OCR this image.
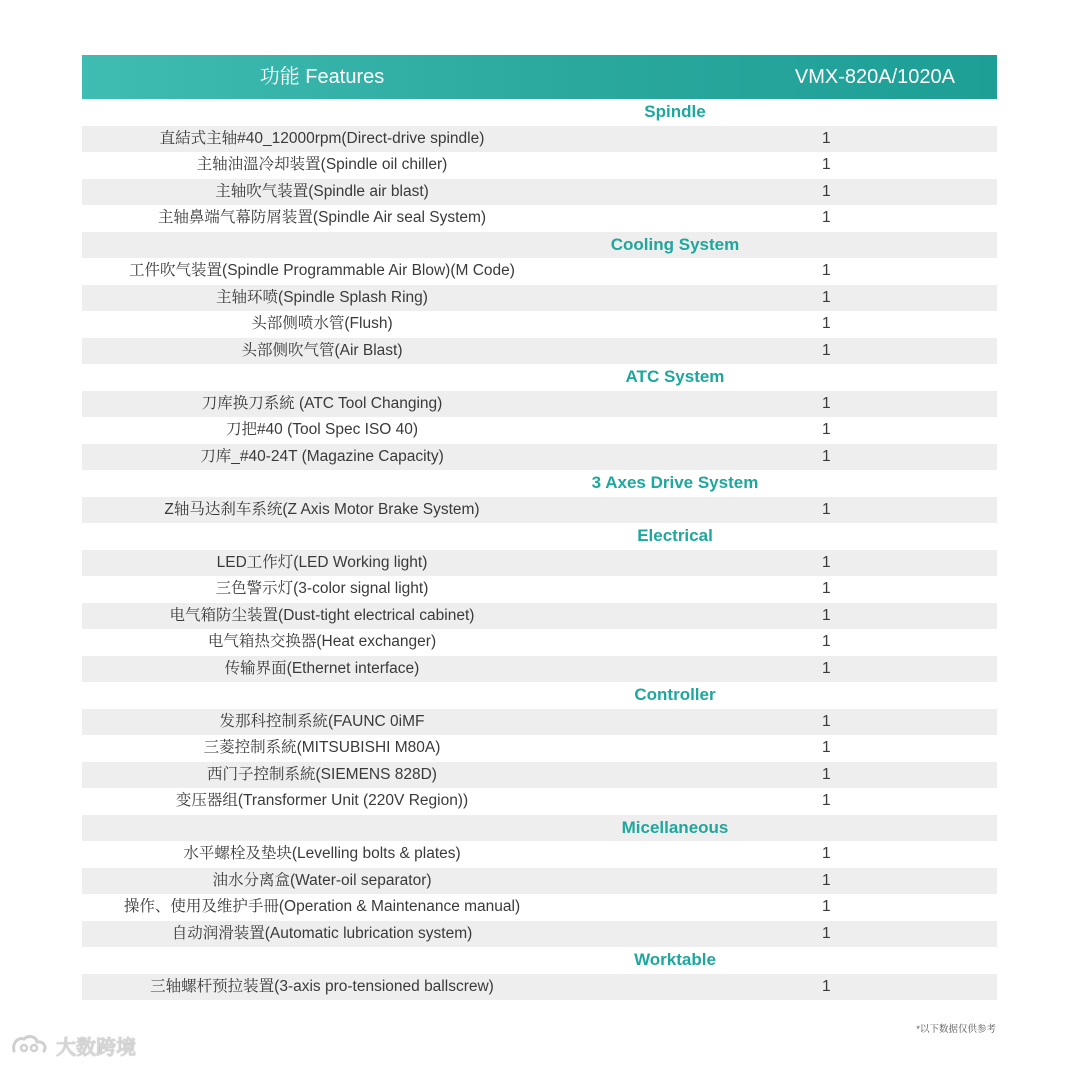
功能 Features	VMX-820A/1020A
Spindle
直結式主轴#40_12000rpm(Direct-drive spindle)	1
主轴油溫冷却装置(Spindle oil chiller)	1
主轴吹气装置(Spindle air blast)	1
主轴鼻端气幕防屑装置(Spindle Air seal System)	1
Cooling System
工件吹气装置(Spindle Programmable Air Blow)(M Code)	1
主轴环喷(Spindle Splash Ring)	1
头部侧喷水管(Flush)	1
头部侧吹气管(Air Blast)	1
ATC System
刀库换刀系統 (ATC Tool Changing)	1
刀把#40 (Tool Spec ISO 40)	1
刀库_#40-24T (Magazine Capacity)	1
3 Axes Drive System
Z轴马达刹车系统(Z Axis Motor Brake System)	1
Electrical
LED工作灯(LED Working light)	1
三色警示灯(3-color signal light)	1
电气箱防尘装置(Dust-tight electrical cabinet)	1
电气箱热交换器(Heat exchanger)	1
传输界面(Ethernet interface)	1
Controller
发那科控制系統(FAUNC 0iMF	1
三菱控制系統(MITSUBISHI M80A)	1
西门子控制系統(SIEMENS 828D)	1
变压器组(Transformer Unit (220V Region))	1
Micellaneous
水平螺栓及垫块(Levelling bolts & plates)	1
油水分离盒(Water-oil separator)	1
操作、使用及维护手冊(Operation & Maintenance manual)	1
自动润滑装置(Automatic lubrication system)	1
Worktable
三轴螺杆预拉装置(3-axis pro-tensioned ballscrew)	1
*以下数据仅供参考
大数跨境
